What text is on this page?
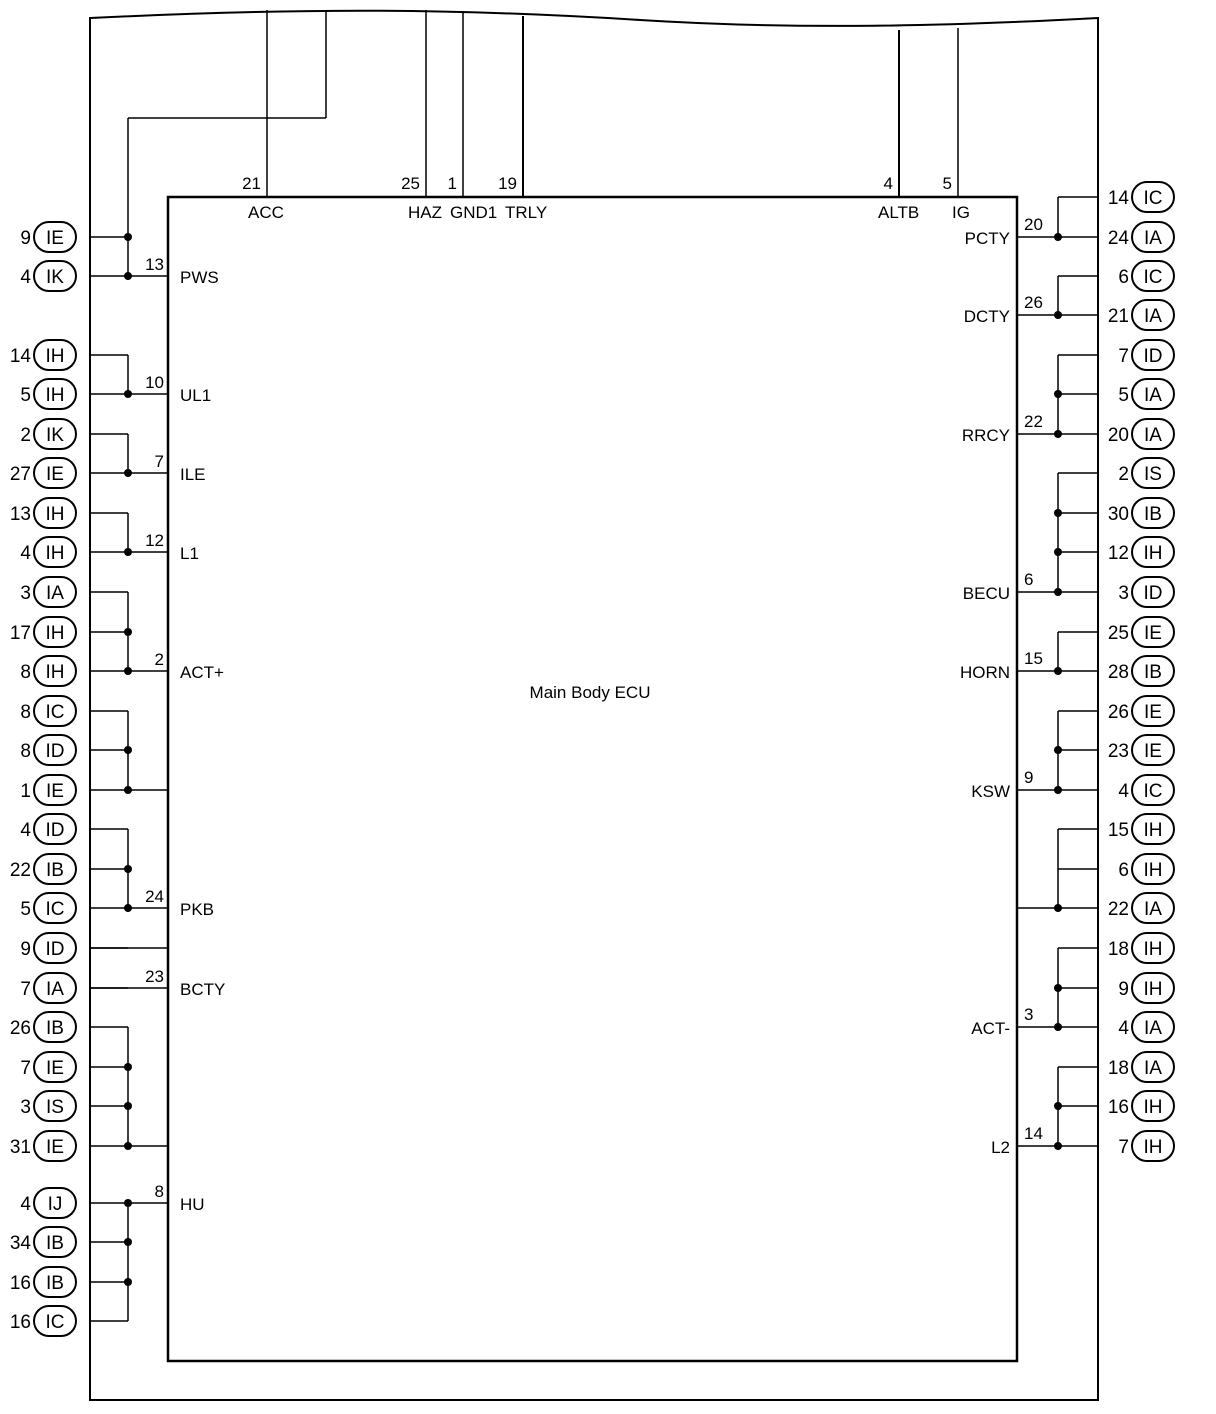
Main Body ECU
21	25 1 19	4	5
ACC	HAZ GND1 TRLY	ALTB IG
13
PWS
10
UL1
7
ILE
12
L1
2
ACT+
24
PKB
23
BCTY
8
HU
20
PCTY
26
DCTY
22
RRCY
6
BECU
15
HORN
9
KSW
3
ACT-
14
L2
IE
9
IK
4
IH
14
IH
5
IK
2
IE
27
IH
13
IH
4
IA
3
IH
17
IH
8
IC
8
ID
8
IE
1
ID
4
IB
22
IC
5
ID
9
IA
7
IB
26
IE
7
IS
3
IE
31
IJ
4
IB
34
IB
16
IC
16
IC
14
IA
24
IC
6
IA
21
ID
7
IA
5
IA
20
IS
2
IB
30
IH
12
ID
3
IE
25
IB
28
IE
26
IE
23
IC
4
IH
15
IH
6
IA
22
IH
18
IH
9
IA
4
IA
18
IH
16
IH
7
